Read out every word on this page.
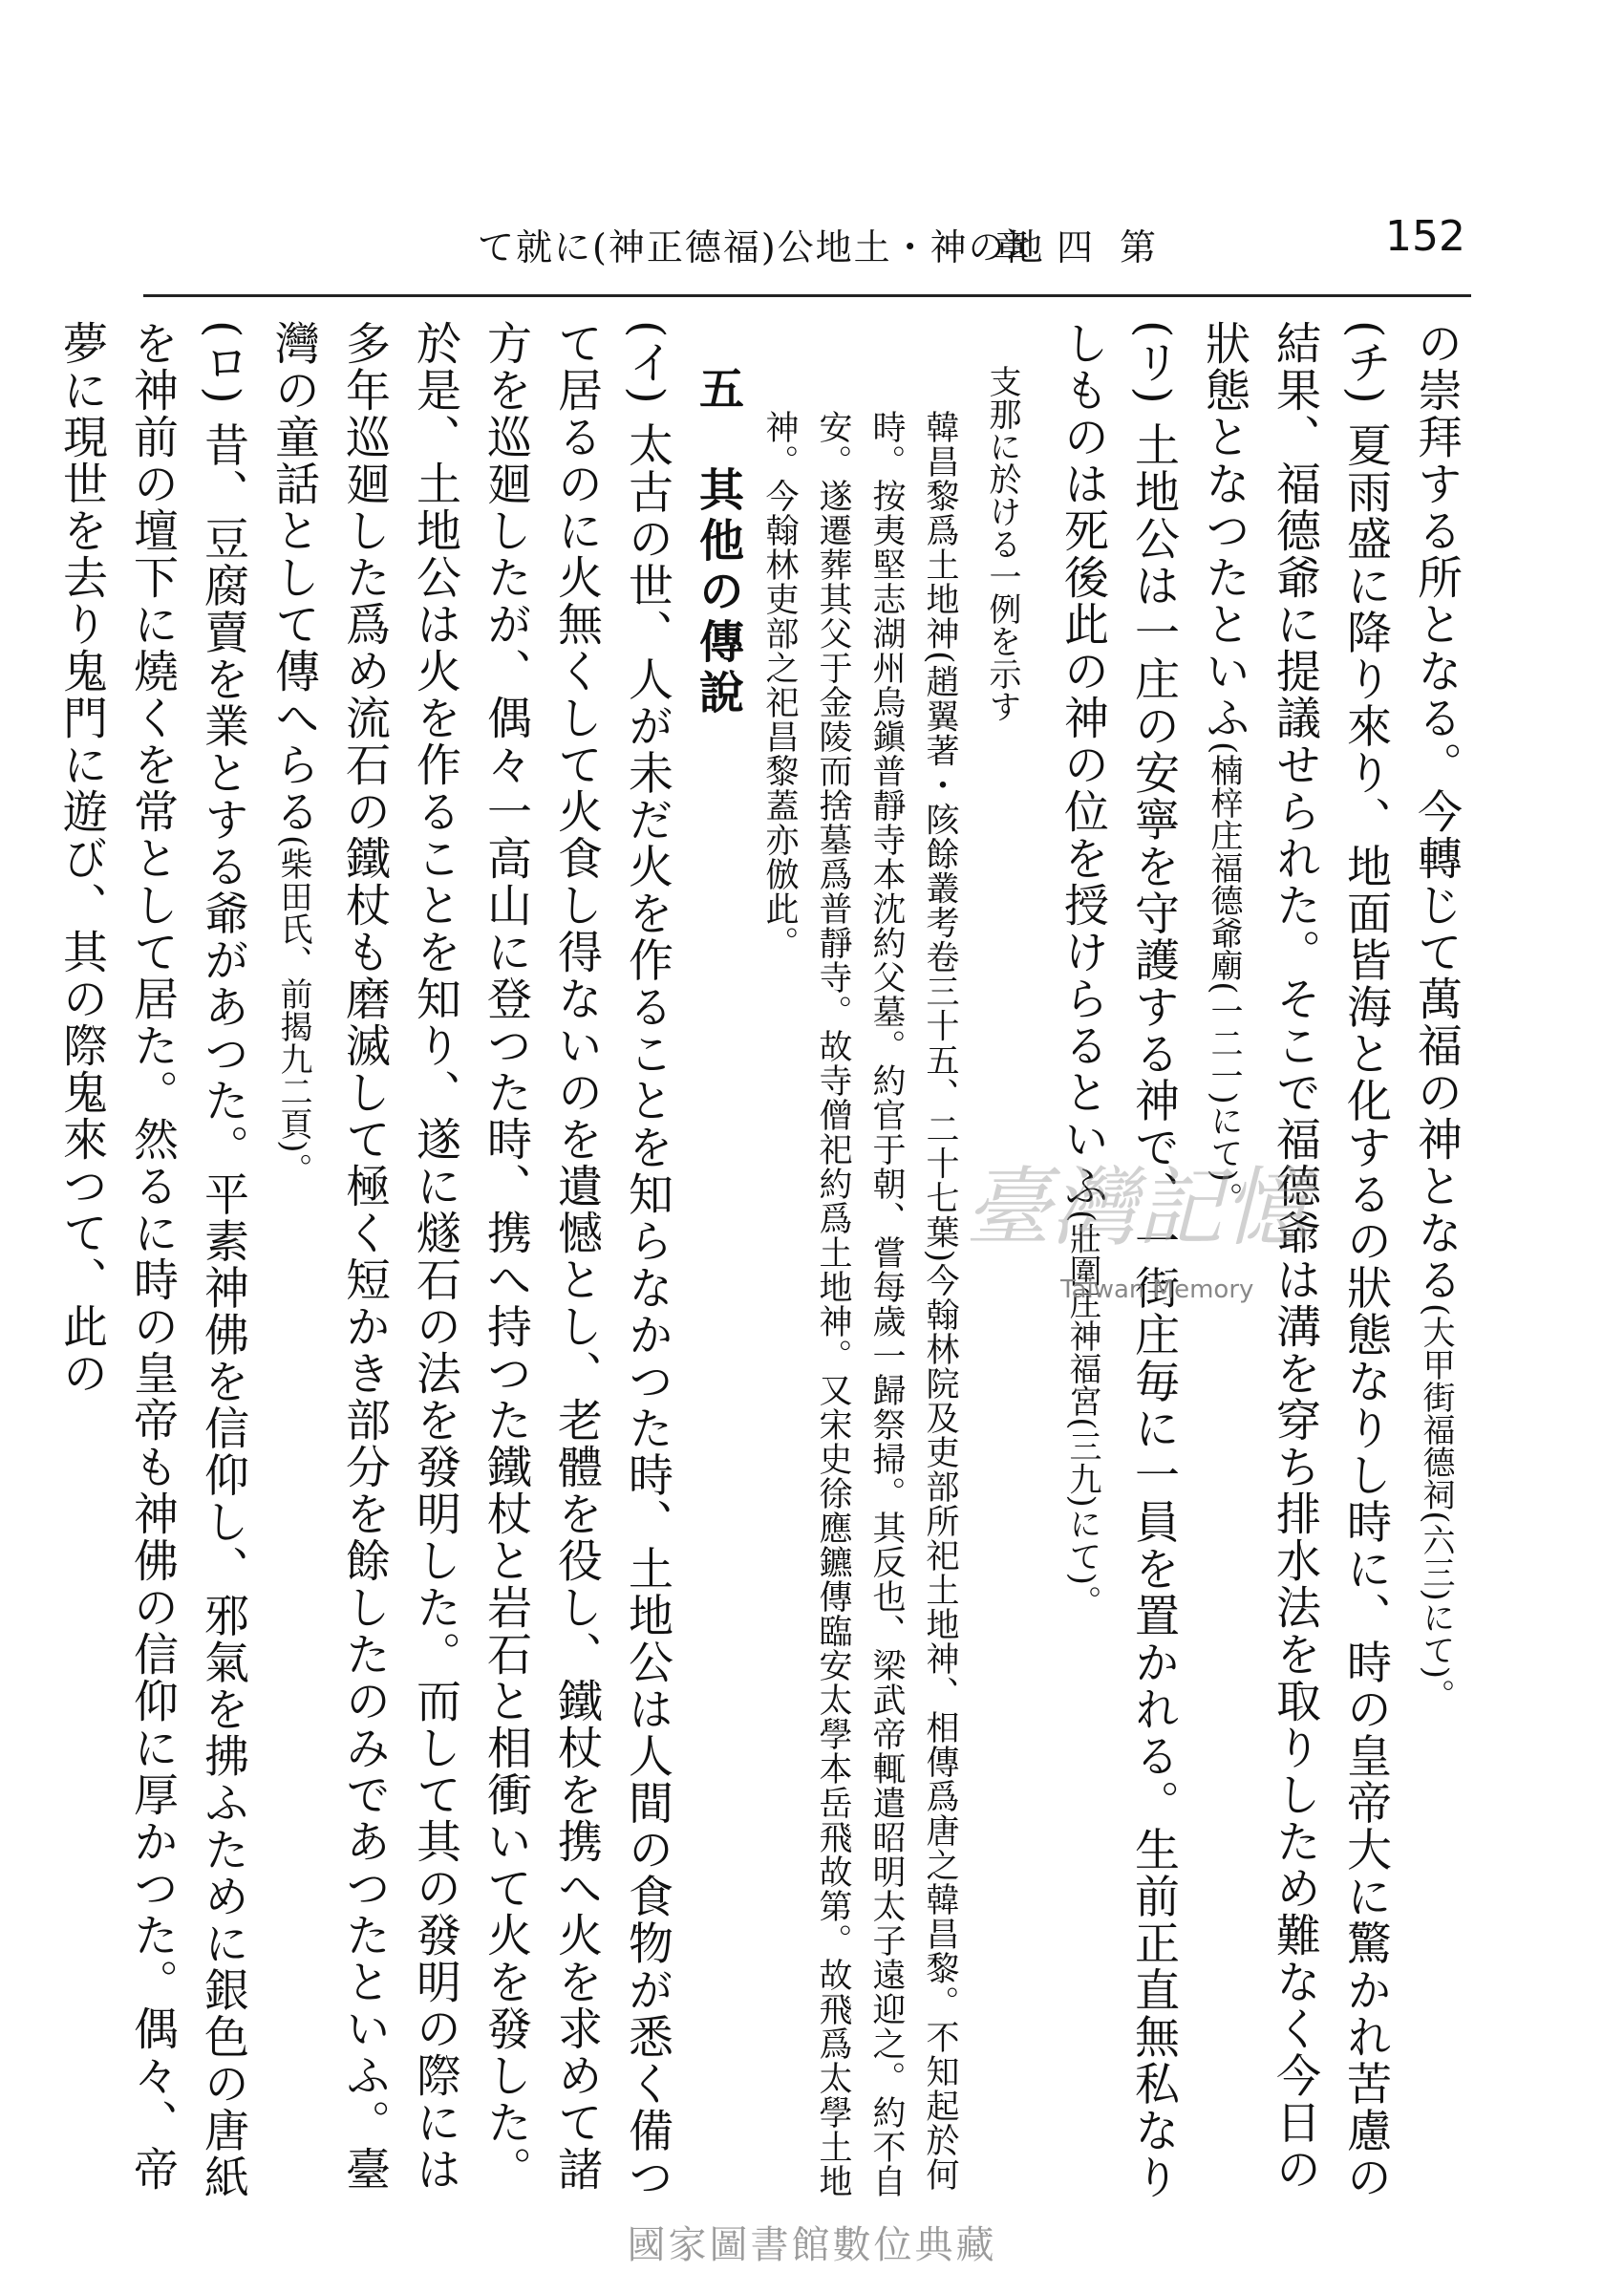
て就に(神正德福)公地土・神の地
章四第	152

の崇拜する所となる。今轉じて萬福の神となる(大甲街福德祠(六三)にて)。

(チ) 夏雨盛に降り來り、地面皆海と化するの狀態なりし時に、時の皇帝大に驚かれ苦慮の結果、福德爺に提議せられた。そこで福德爺は溝を穿ち排水法を取りしため難なく今日の狀態となつたといふ(楠梓庄福德爺廟(一二一)にて)。

(リ) 土地公は一庄の安寧を守護する神で、一街庄毎に一員を置かれる。生前正直無私なりしものは死後此の神の位を授けらるといふ(壯圍庄神福宮(三九)にて)。

支那に於ける一例を示す

韓昌黎爲土地神(趙翼著・陔餘叢考卷三十五、二十七葉)今翰林院及吏部所祀土地神、相傳爲唐之韓昌黎。不知起於何時。按夷堅志湖州烏鎭普靜寺本沈約父墓。約官于朝、嘗每歲一歸祭掃。其反也、梁武帝輒遣昭明太子遠迎之。約不自安。遂遷葬其父于金陵而捨墓爲普靜寺。故寺僧祀約爲土地神。又宋史徐應鑣傳臨安太學本岳飛故第。故飛爲太學土地神。今翰林吏部之祀昌黎蓋亦倣此。

五　其他の傳說

(イ) 太古の世、人が未だ火を作ることを知らなかつた時、土地公は人間の食物が悉く備つて居るのに火無くして火食し得ないのを遺憾とし、老體を役し、鐵杖を携へ火を求めて諸方を巡廻したが、偶々一高山に登つた時、携へ持つた鐵杖と岩石と相衝いて火を發した。於是、土地公は火を作ることを知り、遂に燧石の法を發明した。而して其の發明の際には多年巡廻した爲め流石の鐵杖も磨滅して極く短かき部分を餘したのみであつたといふ。臺灣の童話として傳へらる(柴田氏、前揭九二頁)。

(ロ) 昔、豆腐賣を業とする爺があつた。平素神佛を信仰し、邪氣を拂ふために銀色の唐紙を神前の壇下に燒くを常として居た。然るに時の皇帝も神佛の信仰に厚かつた。偶々、帝夢に現世を去り鬼門に遊び、其の際鬼來つて、此の	臺灣記憶
Taiwan Memory
國家圖書館數位典藏
